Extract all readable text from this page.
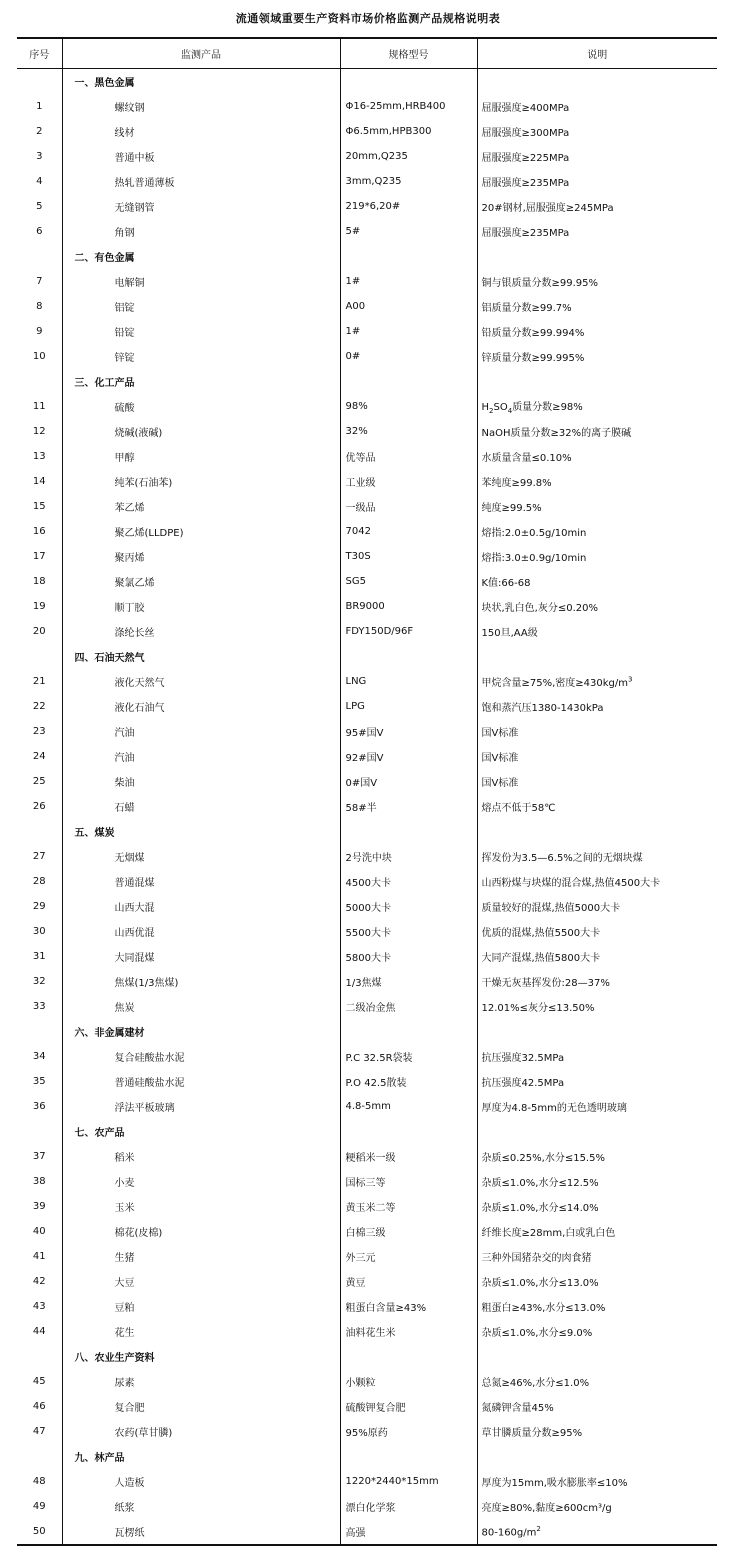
流通领域重要生产资料市场价格监测产品规格说明表
序号	监测产品	规格型号	说明
	一、黑色金属		
1	螺纹钢	Φ16-25mm,HRB400	屈服强度≥400MPa
2	线材	Φ6.5mm,HPB300	屈服强度≥300MPa
3	普通中板	20mm,Q235	屈服强度≥225MPa
4	热轧普通薄板	3mm,Q235	屈服强度≥235MPa
5	无缝钢管	219*6,20#	20#钢材,屈服强度≥245MPa
6	角钢	5#	屈服强度≥235MPa
	二、有色金属		
7	电解铜	1#	铜与银质量分数≥99.95%
8	铝锭	A00	铝质量分数≥99.7%
9	铅锭	1#	铅质量分数≥99.994%
10	锌锭	0#	锌质量分数≥99.995%
	三、化工产品		
11	硫酸	98%	$H_2SO_4$质量分数≥98%
12	烧碱(液碱)	32%	NaOH质量分数≥32%的离子膜碱
13	甲醇	优等品	水质量含量≤0.10%
14	纯苯(石油苯)	工业级	苯纯度≥99.8%
15	苯乙烯	一级品	纯度≥99.5%
16	聚乙烯(LLDPE)	7042	熔指:2.0±0.5g/10min
17	聚丙烯	T30S	熔指:3.0±0.9g/10min
18	聚氯乙烯	SG5	K值:66-68
19	顺丁胶	BR9000	块状,乳白色,灰分≤0.20%
20	涤纶长丝	FDY150D/96F	150旦,AA级
	四、石油天然气		
21	液化天然气	LNG	甲烷含量≥75%,密度$\ge 430kg/m^3$
22	液化石油气	LPG	饱和蒸汽压1380-1430kPa
23	汽油	95#国Ⅴ	国Ⅴ标准
24	汽油	92#国Ⅴ	国Ⅴ标准
25	柴油	0#国Ⅴ	国Ⅴ标准
26	石蜡	58#半	熔点不低于58℃
	五、煤炭		
27	无烟煤	2号洗中块	挥发份为3.5—6.5%之间的无烟块煤
28	普通混煤	4500大卡	山西粉煤与块煤的混合煤,热值4500大卡
29	山西大混	5000大卡	质量较好的混煤,热值5000大卡
30	山西优混	5500大卡	优质的混煤,热值5500大卡
31	大同混煤	5800大卡	大同产混煤,热值5800大卡
32	焦煤(1/3焦煤)	1/3焦煤	干燥无灰基挥发份:28—37%
33	焦炭	二级冶金焦	12.01%≤灰分≤13.50%
	六、非金属建材		
34	复合硅酸盐水泥	P.C 32.5R袋装	抗压强度32.5MPa
35	普通硅酸盐水泥	P.O 42.5散装	抗压强度42.5MPa
36	浮法平板玻璃	4.8-5mm	厚度为4.8-5mm的无色透明玻璃
	七、农产品		
37	稻米	粳稻米一级	杂质≤0.25%,水分≤15.5%
38	小麦	国标三等	杂质≤1.0%,水分≤12.5%
39	玉米	黄玉米二等	杂质≤1.0%,水分≤14.0%
40	棉花(皮棉)	白棉三级	纤维长度≥28mm,白或乳白色
41	生猪	外三元	三种外国猪杂交的肉食猪
42	大豆	黄豆	杂质≤1.0%,水分≤13.0%
43	豆粕	粗蛋白含量≥43%	粗蛋白≥43%,水分≤13.0%
44	花生	油料花生米	杂质≤1.0%,水分≤9.0%
	八、农业生产资料		
45	尿素	小颗粒	总氮≥46%,水分≤1.0%
46	复合肥	硫酸钾复合肥	氮磷钾含量45%
47	农药(草甘膦)	95%原药	草甘膦质量分数≥95%
	九、林产品		
48	人造板	1220*2440*15mm	厚度为15mm,吸水膨胀率≤10%
49	纸浆	漂白化学浆	亮度≥80%,黏度≥600cm³/g
50	瓦楞纸	高强	$80-160g/m^2$
